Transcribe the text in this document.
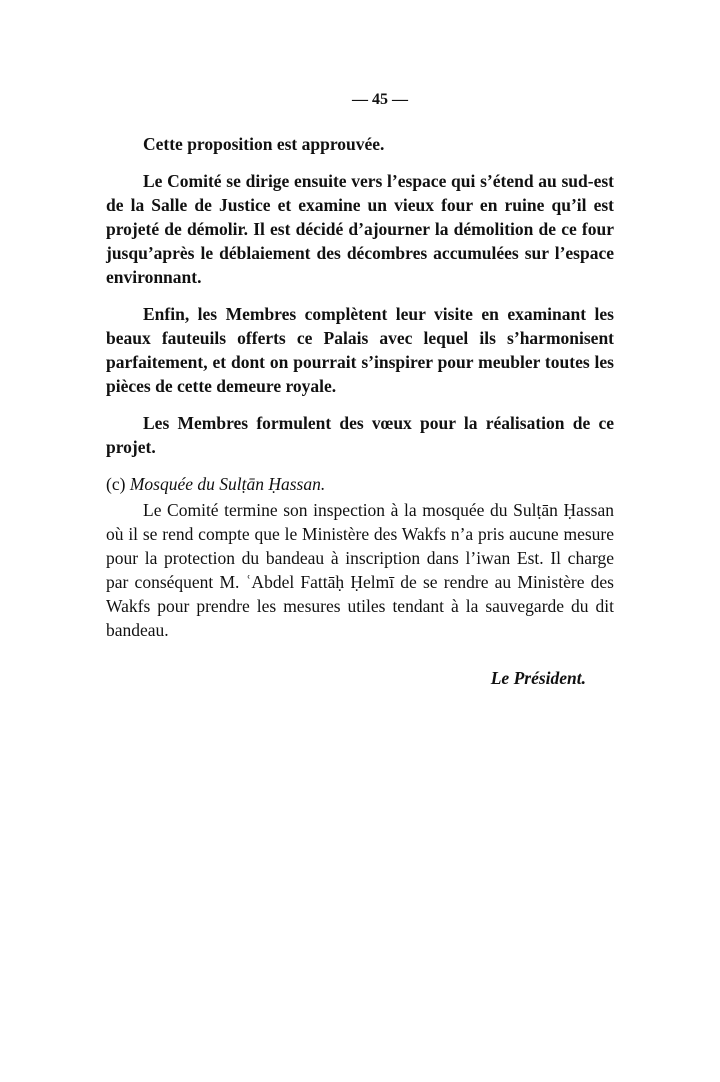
— 45 —

Cette proposition est approuvée.

Le Comité se dirige ensuite vers l’espace qui s’étend au sud-est de la Salle de Justice et examine un vieux four en ruine qu’il est projeté de démolir. Il est décidé d’ajourner la démolition de ce four jusqu’après le déblaiement des décombres accumulées sur l’espace environnant.

Enfin, les Membres complètent leur visite en examinant les beaux fauteuils offerts ce Palais avec lequel ils s’harmonisent parfaitement, et dont on pourrait s’inspirer pour meubler toutes les pièces de cette demeure royale.

Les Membres formulent des vœux pour la réalisation de ce projet.

(c) Mosquée du Sulṭān Ḥassan.

Le Comité termine son inspection à la mosquée du Sulṭān Ḥassan où il se rend compte que le Ministère des Wakfs n’a pris aucune mesure pour la protection du bandeau à inscription dans l’iwan Est. Il charge par conséquent M. ʿAbdel Fattāḥ Ḥelmī de se rendre au Ministère des Wakfs pour prendre les mesures utiles tendant à la sauvegarde du dit bandeau.

Le Président.
